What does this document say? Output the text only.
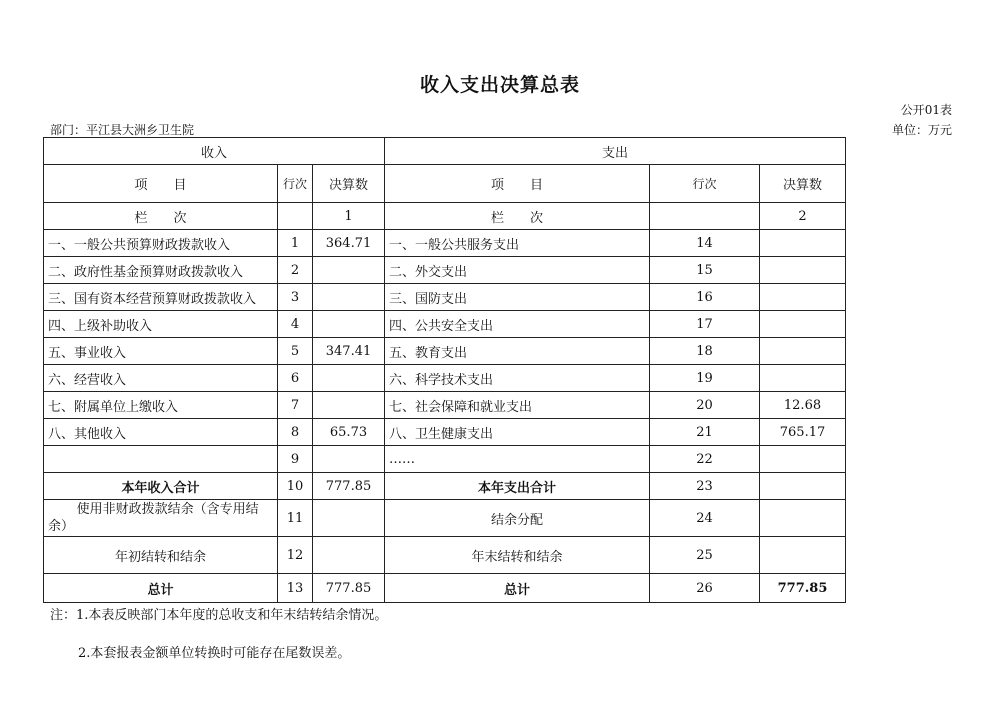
收入支出决算总表
公开01表
部门：平江县大洲乡卫生院	单位：万元
收入			支出		
项　　目	行次	决算数	项　　目	行次	决算数
栏　　次		1	栏　　次		2
一、一般公共预算财政拨款收入	1	364.71	一、一般公共服务支出	14	
二、政府性基金预算财政拨款收入	2		二、外交支出	15	
三、国有资本经营预算财政拨款收入	3		三、国防支出	16	
四、上级补助收入	4		四、公共安全支出	17	
五、事业收入	5	347.41	五、教育支出	18	
六、经营收入	6		六、科学技术支出	19	
七、附属单位上缴收入	7		七、社会保障和就业支出	20	12.68
八、其他收入	8	65.73	八、卫生健康支出	21	765.17
	9		……	22	
本年收入合计	10	777.85	本年支出合计	23	
使用非财政拨款结余（含专用结余）	11		结余分配	24	
年初结转和结余	12		年末结转和结余	25	
总计	13	777.85	总计	26	777.85
注：1.本表反映部门本年度的总收支和年末结转结余情况。
2.本套报表金额单位转换时可能存在尾数误差。
